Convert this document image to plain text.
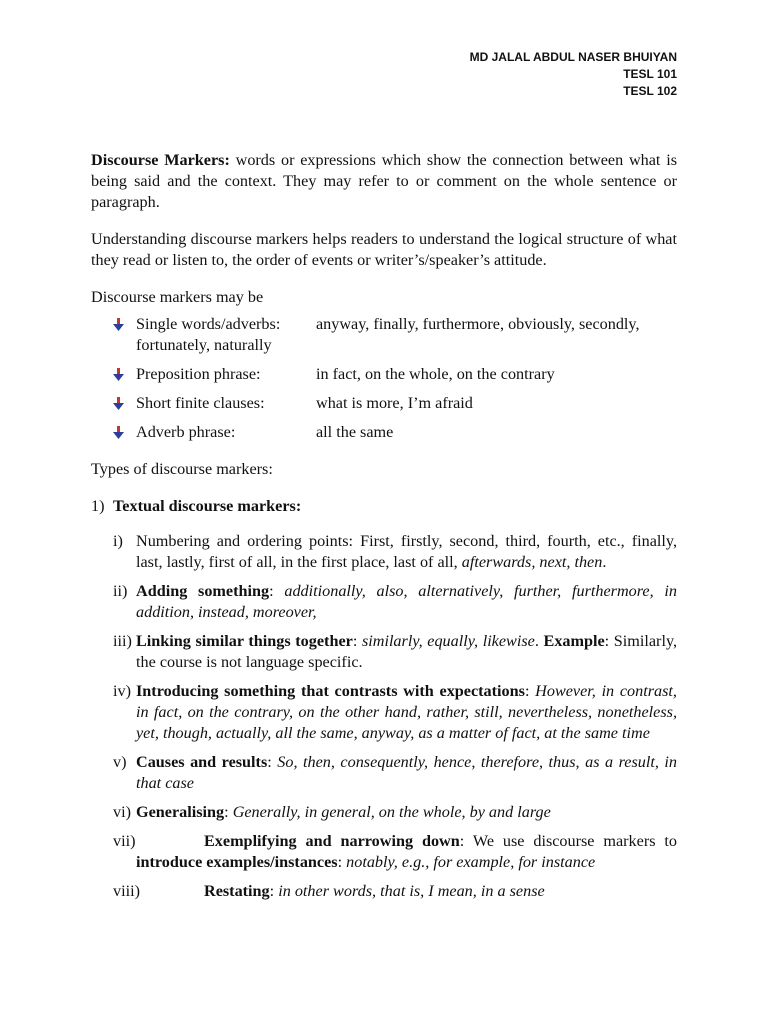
MD JALAL ABDUL NASER BHUIYAN
TESL 101
TESL 102

Discourse Markers: words or expressions which show the connection between what is being said and the context. They may refer to or comment on the whole sentence or paragraph.

Understanding discourse markers helps readers to understand the logical structure of what they read or listen to, the order of events or writer’s/speaker’s attitude.

Discourse markers may be

Single words/adverbs: anyway, finally, furthermore, obviously, secondly,
fortunately, naturally
Preposition phrase:	in fact, on the whole, on the contrary
Short finite clauses:	what is more, I’m afraid
Adverb phrase:	all the same

Types of discourse markers:

1) Textual discourse markers:
i) Numbering and ordering points: First, firstly, second, third, fourth, etc., finally, last, lastly, first of all, in the first place, last of all, afterwards, next, then.
ii) Adding something: additionally, also, alternatively, further, furthermore, in addition, instead, moreover,
iii) Linking similar things together: similarly, equally, likewise. Example: Similarly, the course is not language specific.
iv) Introducing something that contrasts with expectations: However, in contrast, in fact, on the contrary, on the other hand, rather, still, nevertheless, nonetheless, yet, though, actually, all the same, anyway, as a matter of fact, at the same time
v) Causes and results: So, then, consequently, hence, therefore, thus, as a result, in that case
vi) Generalising: Generally, in general, on the whole, by and large
vii)	Exemplifying and narrowing down: We use discourse markers to introduce examples/instances: notably, e.g., for example, for instance
viii)	Restating: in other words, that is, I mean, in a sense
